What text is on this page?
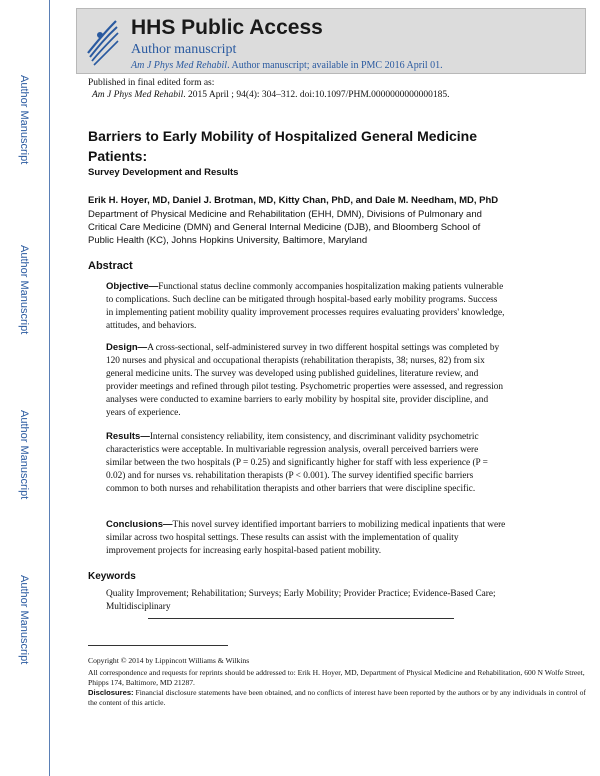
Author Manuscript
Author Manuscript
Author Manuscript
Author Manuscript
HHS Public Access
Author manuscript
Am J Phys Med Rehabil. Author manuscript; available in PMC 2016 April 01.
Published in final edited form as:
Am J Phys Med Rehabil. 2015 April ; 94(4): 304–312. doi:10.1097/PHM.0000000000000185.
Barriers to Early Mobility of Hospitalized General Medicine Patients:
Survey Development and Results
Erik H. Hoyer, MD, Daniel J. Brotman, MD, Kitty Chan, PhD, and Dale M. Needham, MD, PhD
Department of Physical Medicine and Rehabilitation (EHH, DMN), Divisions of Pulmonary and Critical Care Medicine (DMN) and General Internal Medicine (DJB), and Bloomberg School of Public Health (KC), Johns Hopkins University, Baltimore, Maryland
Abstract
Objective—Functional status decline commonly accompanies hospitalization making patients vulnerable to complications. Such decline can be mitigated through hospital-based early mobility programs. Success in implementing patient mobility quality improvement processes requires evaluating providers' knowledge, attitudes, and behaviors.
Design—A cross-sectional, self-administered survey in two different hospital settings was completed by 120 nurses and physical and occupational therapists (rehabilitation therapists, 38; nurses, 82) from six general medicine units. The survey was developed using published guidelines, literature review, and provider meetings and refined through pilot testing. Psychometric properties were assessed, and regression analyses were conducted to examine barriers to early mobility by hospital site, provider discipline, and years of experience.
Results—Internal consistency reliability, item consistency, and discriminant validity psychometric characteristics were acceptable. In multivariable regression analysis, overall perceived barriers were similar between the two hospitals (P = 0.25) and significantly higher for staff with less experience (P = 0.02) and for nurses vs. rehabilitation therapists (P < 0.001). The survey identified specific barriers common to both nurses and rehabilitation therapists and other barriers that were discipline specific.
Conclusions—This novel survey identified important barriers to mobilizing medical inpatients that were similar across two hospital settings. These results can assist with the implementation of quality improvement projects for increasing early hospital-based patient mobility.
Keywords
Quality Improvement; Rehabilitation; Surveys; Early Mobility; Provider Practice; Evidence-Based Care; Multidisciplinary
Copyright © 2014 by Lippincott Williams & Wilkins
All correspondence and requests for reprints should be addressed to: Erik H. Hoyer, MD, Department of Physical Medicine and Rehabilitation, 600 N Wolfe Street, Phipps 174, Baltimore, MD 21287.
Disclosures: Financial disclosure statements have been obtained, and no conflicts of interest have been reported by the authors or by any individuals in control of the content of this article.
